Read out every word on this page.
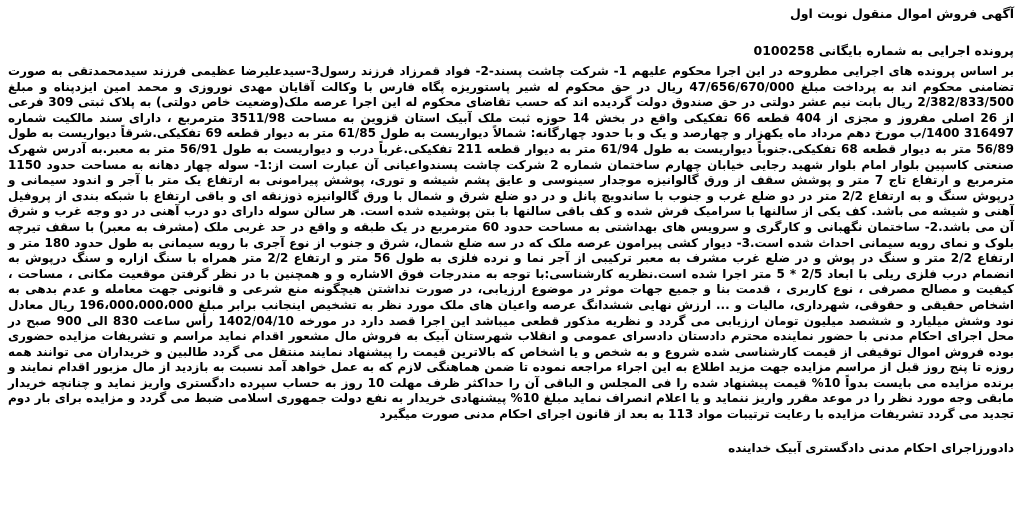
آگهی فروش اموال منقول نوبت اول

پرونده اجرایی به شماره بایگانی 0100258

بر اساس پرونده های اجرایی مطروحه در این اجرا محکوم علیهم 1- شرکت چاشت پسند-2- فواد قمرزاد فرزند رسول3-سیدعلیرضا عظیمی فرزند سیدمحمدتقی به صورت تضامنی محکوم اند به پرداخت مبلغ 47/656/670/000 ریال در حق محکوم له شیر پاستوریزه پگاه فارس با وکالت آقایان مهدی نوروزی و محمد امین ایزدپناه و مبلغ 2/382/833/500 ریال بابت نیم عشر دولتی در حق صندوق دولت گردیده اند که حسب تقاضای محکوم له این اجرا عرصه ملک(وضعیت خاص دولتی) به پلاک ثبتی 309 فرعی از 26 اصلی مفروز و مجزی از 404 قطعه 66 تفکیکی واقع در بخش 14 حوزه ثبت ملک آبیک استان قزوین به مساحت 3511/98 مترمربع ، دارای سند مالکیت شماره 316497 1400/ب مورخ دهم مرداد ماه یکهزار و چهارصد و یک و با حدود چهارگانه: شمالاً دیواریست به طول 61/85 متر به دیوار قطعه 69 تفکیکی.شرقاً دیواریست به طول 56/89 متر به دیوار قطعه 68 تفکیکی.جنوباً دیواریست به طول 61/94 متر به دیوار قطعه 211 تفکیکی.غرباً درب و دیواریست به طول 56/91 متر به معبر.به آدرس شهرک صنعتی کاسپین بلوار امام بلوار شهید رجایی خیابان چهارم ساختمان شماره 2 شرکت چاشت پسندواعیانی آن عبارت است از:1- سوله چهار دهانه به مساحت حدود 1150 مترمربع و ارتفاع تاج 7 متر و پوشش سقف از ورق گالوانیزه موجدار سینوسی و عایق پشم شیشه و توری، پوشش پیرامونی به ارتفاع یک متر با آجر و اندود سیمانی و درپوش سنگ و به ارتفاع 2/2 متر در دو ضلع غرب و جنوب با ساندویچ پانل و در دو ضلع شرق و شمال با ورق گالوانیزه ذوزنقه ای و باقی ارتفاع با شبکه بندی از پروفیل آهنی و شیشه می باشد. کف یکی از سالنها با سرامیک فرش شده و کف باقی سالنها با بتن پوشیده شده است. هر سالن سوله دارای دو درب آهنی در دو وجه غرب و شرق آن می باشد.2- ساختمان نگهبانی و کارگری و سرویس های بهداشتی به مساحت حدود 60 مترمربع در یک طبقه و واقع در حد غربی ملک (مشرف به معبر) با سقف تیرچه بلوک و نمای رویه سیمانی احداث شده است.3- دیوار کشی پیرامون عرصه ملک که در سه ضلع شمال، شرق و جنوب از نوع آجری با رویه سیمانی به طول حدود 180 متر و ارتفاع 2/2 متر و سنگ در پوش و در ضلع غرب مشرف به معبر ترکیبی از آجر نما و نرده فلزی به طول 56 متر و ارتفاع 2/2 متر همراه با سنگ ازاره و سنگ درپوش به انضمام درب فلزی ریلی با ابعاد 2/5 * 5 متر اجرا شده است.نظریه کارشناسی:با توجه به مندرجات فوق الاشاره و و همچنین با در نظر گرفتن موقعیت مکانی ، مساحت ، کیفیت و مصالح مصرفی ، نوع کاربری ، قدمت بنا و جمیع جهات موثر در موضوع ارزیابی، در صورت نداشتن هیچگونه منع شرعی و قانونی جهت معامله و عدم بدهی به اشخاص حقیقی و حقوقی، شهرداری، مالیات و ... ارزش نهایی ششدانگ عرصه واعیان های ملک مورد نظر به تشخیص اینجانب برابر مبلغ 196،000،000،000 ریال معادل نود وشش میلیارد و ششصد میلیون تومان ارزیابی می گردد و نظریه مذکور قطعی میباشد این اجرا قصد دارد در مورخه 1402/04/10 رأس ساعت 830 الی 900 صبح در محل اجرای احکام مدنی با حضور نماینده محترم دادستان دادسرای عمومی و انقلاب شهرستان آبیک به فروش مال مشعور اقدام نماید مراسم و تشریفات مزایده حضوری بوده فروش اموال توقیفی از قیمت کارشناسی شده شروع و به شخص و یا اشخاص که بالاترین قیمت را پیشنهاد نمایند منتقل می گردد طالبین و خریداران می توانند همه روزه تا پنج روز قبل از مراسم مزایده جهت مزید اطلاع به این اجراء مراجعه نموده تا ضمن هماهنگی لازم که به عمل خواهد آمد نسبت به بازدید از مال مزبور اقدام نمایند و برنده مزایده می بایست بدواً 10% قیمت پیشنهاد شده را فی المجلس و الباقی آن را حداکثر ظرف مهلت 10 روز به حساب سپرده دادگستری واریز نماید و چنانچه خریدار مابقی وجه مورد نظر را در موعد مقرر واریز ننماید و یا اعلام انصراف نماید مبلغ 10% پیشنهادی خریدار به نفع دولت جمهوری اسلامی ضبط می گردد و مزایده برای بار دوم تجدید می گردد تشریفات مزایده با رعایت ترتیبات مواد 113 به بعد از قانون اجرای احکام مدنی صورت میگیرد

دادورزاجرای احکام مدنی دادگستری آبیک خداینده
